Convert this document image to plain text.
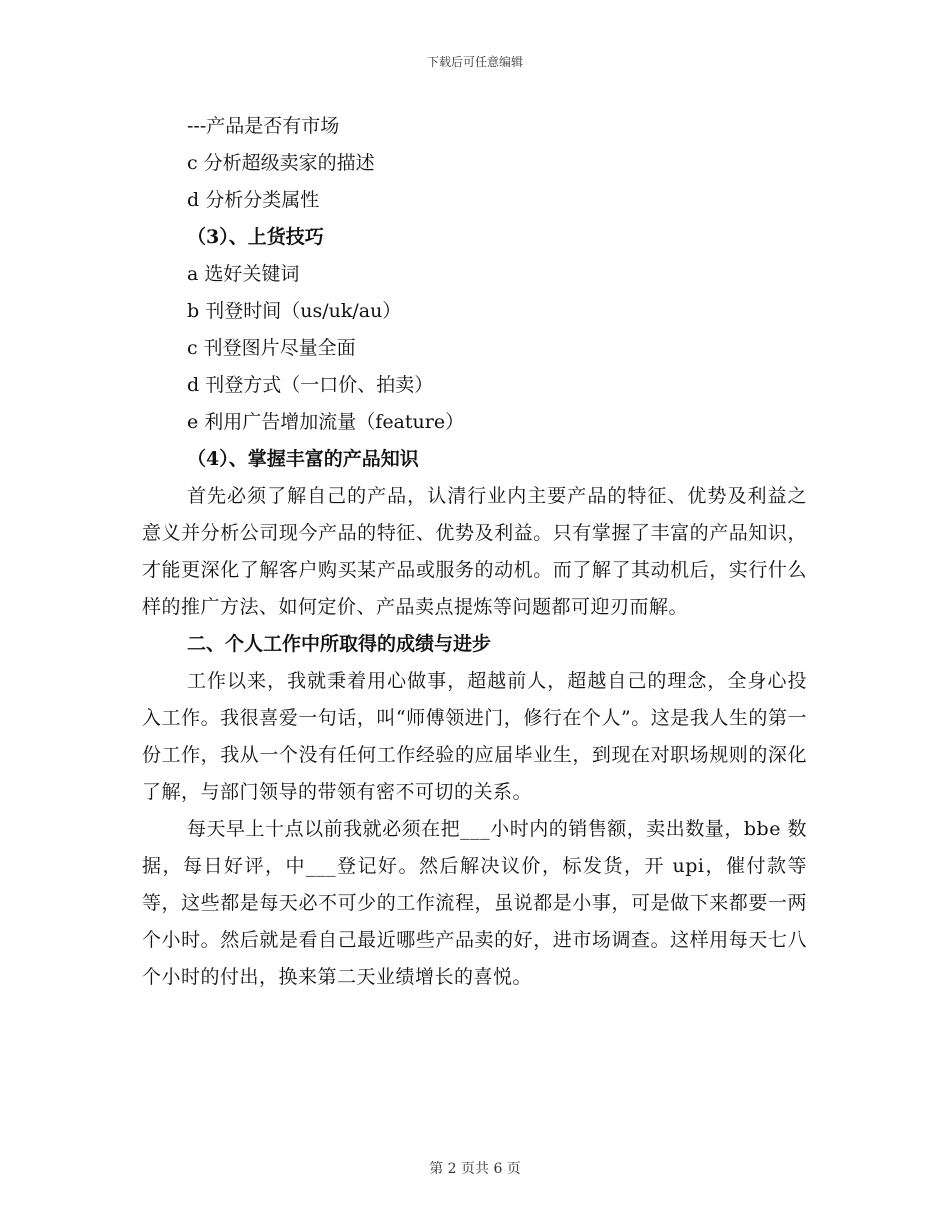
下载后可任意编辑
---产品是否有市场
c 分析超级卖家的描述
d 分析分类属性
（3）、上货技巧
a 选好关键词
b 刊登时间（us/uk/au）
c 刊登图片尽量全面
d 刊登方式（一口价、拍卖）
e 利用广告增加流量（feature）
（4）、掌握丰富的产品知识
首先必须了解自己的产品，认清行业内主要产品的特征、优势及利益之意义并分析公司现今产品的特征、优势及利益。只有掌握了丰富的产品知识，才能更深化了解客户购买某产品或服务的动机。而了解了其动机后，实行什么样的推广方法、如何定价、产品卖点提炼等问题都可迎刃而解。
二、个人工作中所取得的成绩与进步
工作以来，我就秉着用心做事，超越前人，超越自己的理念，全身心投入工作。我很喜爱一句话，叫“师傅领进门，修行在个人”。这是我人生的第一份工作，我从一个没有任何工作经验的应届毕业生，到现在对职场规则的深化了解，与部门领导的带领有密不可切的关系。
每天早上十点以前我就必须在把___小时内的销售额，卖出数量，bbe 数据，每日好评，中___登记好。然后解决议价，标发货，开 upi，催付款等等，这些都是每天必不可少的工作流程，虽说都是小事，可是做下来都要一两个小时。然后就是看自己最近哪些产品卖的好，进市场调查。这样用每天七八个小时的付出，换来第二天业绩增长的喜悦。
第 2 页共 6 页
